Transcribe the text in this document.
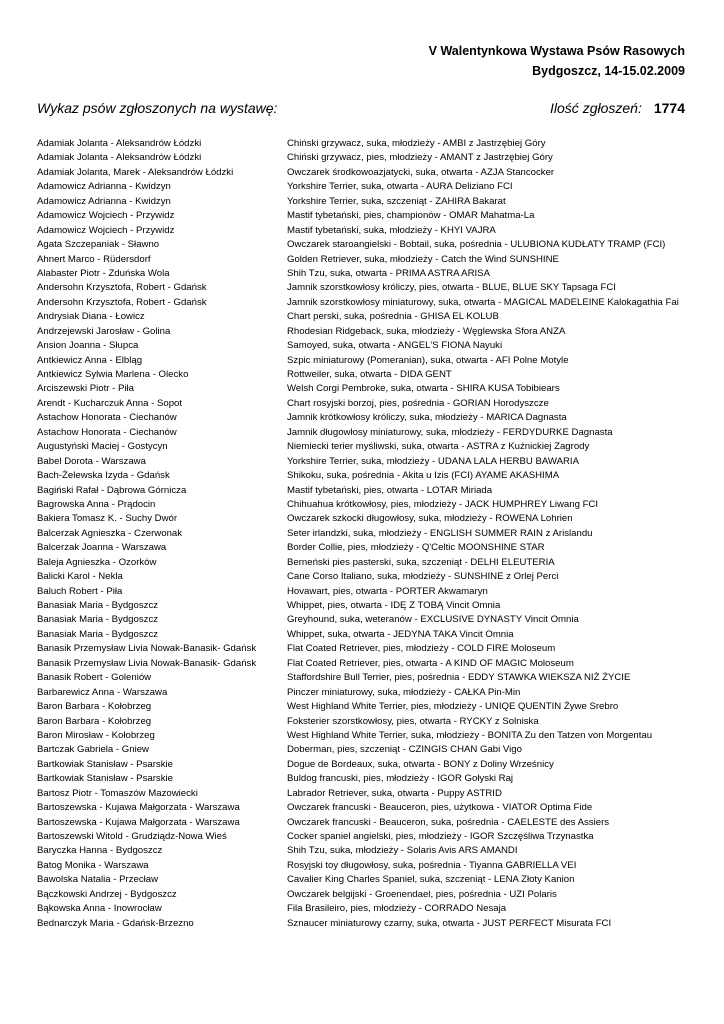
V Walentynkowa Wystawa Psów Rasowych
Bydgoszcz, 14-15.02.2009
Wykaz psów zgłoszonych na wystawę:	Ilość zgłoszeń: 1774
Adamiak Jolanta - Aleksandrów Łódzki	Chiński grzywacz, suka, młodzieży - AMBI z Jastrzębiej Góry
Adamiak Jolanta - Aleksandrów Łódzki	Chiński grzywacz, pies, młodzieży - AMANT z Jastrzębiej Góry
Adamiak Jolanta, Marek - Aleksandrów Łódzki	Owczarek środkowoazjatycki, suka, otwarta - AZJA Stancocker
Adamowicz Adrianna - Kwidzyn	Yorkshire Terrier, suka, otwarta - AURA Deliziano FCI
Adamowicz Adrianna - Kwidzyn	Yorkshire Terrier, suka, szczeniąt - ZAHIRA Bakarat
Adamowicz Wojciech - Przywidz	Mastif tybetański, pies, championów - OMAR Mahatma-La
Adamowicz Wojciech - Przywidz	Mastif tybetański, suka, młodzieży - KHYI VAJRA
Agata Szczepaniak - Sławno	Owczarek staroangielski - Bobtail, suka, pośrednia - ULUBIONA KUDŁATY TRAMP (FCI)
Ahnert Marco - Rüdersdorf	Golden Retriever, suka, młodzieży - Catch the Wind SUNSHINE
Alabaster Piotr - Zduńska Wola	Shih Tzu, suka, otwarta - PRIMA ASTRA ARISA
Andersohn Krzysztofa, Robert - Gdańsk	Jamnik szorstkowłosy króliczy, pies, otwarta - BLUE, BLUE SKY Tapsaga FCI
Andersohn Krzysztofa, Robert - Gdańsk	Jamnik szorstkowłosy miniaturowy, suka, otwarta - MAGICAL MADELEINE Kalokagathia Fai
Andrysiak Diana - Łowicz	Chart perski, suka, pośrednia - GHISA EL KOLUB
Andrzejewski Jarosław - Golina	Rhodesian Ridgeback, suka, młodzieży - Węglewska Sfora ANZA
Ansion Joanna - Słupca	Samoyed, suka, otwarta - ANGEL'S FIONA Nayuki
Antkiewicz Anna - Elbląg	Szpic miniaturowy (Pomeranian), suka, otwarta - AFI Polne Motyle
Antkiewicz Sylwia Marlena - Olecko	Rottweiler, suka, otwarta - DIDA GENT
Arciszewski Piotr - Piła	Welsh Corgi Pembroke, suka, otwarta - SHIRA KUSA Tobibiears
Arendt - Kucharczuk Anna - Sopot	Chart rosyjski borzoj, pies, pośrednia - GORIAN Horodyszcze
Astachow Honorata - Ciechanów	Jamnik krótkowłosy króliczy, suka, młodzieży - MARICA Dagnasta
Astachow Honorata - Ciechanów	Jamnik długowłosy miniaturowy, suka, młodzieży - FERDYDURKE Dagnasta
Augustyński Maciej - Gostycyn	Niemiecki terier myśliwski, suka, otwarta - ASTRA z Kuźnickiej Zagrody
Babel Dorota - Warszawa	Yorkshire Terrier, suka, młodzieży - UDANA LALA HERBU BAWARIA
Bach-Żelewska Izyda - Gdańsk	Shikoku, suka, pośrednia - Akita u Izis (FCI) AYAME AKASHIMA
Bagiński Rafał - Dąbrowa Górnicza	Mastif tybetański, pies, otwarta - LOTAR Miriada
Bagrowska Anna - Prądocin	Chihuahua krótkowłosy, pies, młodzieży - JACK HUMPHREY Liwang FCI
Bakiera Tomasz K. - Suchy Dwór	Owczarek szkocki długowłosy, suka, młodzieży - ROWENA Lohrien
Balcerzak Agnieszka - Czerwonak	Seter irlandzki, suka, młodzieży - ENGLISH SUMMER RAIN z Arislandu
Balcerzak Joanna - Warszawa	Border Collie, pies, młodzieży - Q'Celtic MOONSHINE STAR
Baleja Agnieszka - Ozorków	Berneński pies pasterski, suka, szczeniąt - DELHI ELEUTERIA
Balicki Karol - Nekla	Cane Corso Italiano, suka, młodzieży - SUNSHINE z Orlej Perci
Baluch Robert - Piła	Hovawart, pies, otwarta - PORTER Akwamaryn
Banasiak Maria - Bydgoszcz	Whippet, pies, otwarta - IDĘ Z TOBĄ Vincit Omnia
Banasiak Maria - Bydgoszcz	Greyhound, suka, weteranów - EXCLUSIVE DYNASTY Vincit Omnia
Banasiak Maria - Bydgoszcz	Whippet, suka, otwarta - JEDYNA TAKA Vincit Omnia
Banasik Przemysław Livia Nowak-Banasik- Gdańsk	Flat Coated Retriever, pies, młodzieży - COLD FIRE Moloseum
Banasik Przemysław Livia Nowak-Banasik- Gdańsk	Flat Coated Retriever, pies, otwarta - A KIND OF MAGIC Moloseum
Banasik Robert - Goleniów	Staffordshire Bull Terrier, pies, pośrednia - EDDY STAWKA WIEKSZA NIŻ ŻYCIE
Barbarewicz Anna - Warszawa	Pinczer miniaturowy, suka, młodzieży - CAŁKA Pin-Min
Baron Barbara - Kołobrzeg	West Highland White Terrier, pies, młodzieży - UNIQE QUENTIN Żywe Srebro
Baron Barbara - Kołobrzeg	Foksterier szorstkowłosy, pies, otwarta - RYCKY z Solniska
Baron Mirosław - Kołobrzeg	West Highland White Terrier, suka, młodzieży - BONITA Zu den Tatzen von Morgentau
Bartczak Gabriela - Gniew	Doberman, pies, szczeniąt - CZINGIS CHAN Gabi Vigo
Bartkowiak Stanisław - Psarskie	Dogue de Bordeaux, suka, otwarta - BONY z Doliny Wrześnicy
Bartkowiak Stanisław - Psarskie	Buldog francuski, pies, młodzieży - IGOR Gołyski Raj
Bartosz Piotr - Tomaszów Mazowiecki	Labrador Retriever, suka, otwarta - Puppy ASTRID
Bartoszewska - Kujawa Małgorzata - Warszawa	Owczarek francuski - Beauceron, pies, użytkowa - VIATOR Optima Fide
Bartoszewska - Kujawa Małgorzata - Warszawa	Owczarek francuski - Beauceron, suka, pośrednia - CAELESTE des Assiers
Bartoszewski Witold - Grudziądz-Nowa Wieś	Cocker spaniel angielski, pies, młodzieży - IGOR Szczęśliwa Trzynastka
Baryczka Hanna - Bydgoszcz	Shih Tzu, suka, młodzieży - Solaris Avis ARS AMANDI
Batog Monika - Warszawa	Rosyjski toy długowłosy, suka, pośrednia - Tiyanna GABRIELLA VEI
Bawolska Natalia - Przecław	Cavalier King Charles Spaniel, suka, szczeniąt - LENA Złoty Kanion
Bączkowski Andrzej - Bydgoszcz	Owczarek belgijski - Groenendael, pies, pośrednia - UZI Polaris
Bąkowska Anna - Inowrocław	Fila Brasileiro, pies, młodzieży - CORRADO Nesaja
Bednarczyk Maria - Gdańsk-Brzezno	Sznaucer miniaturowy czarny, suka, otwarta - JUST PERFECT Misurata FCI
